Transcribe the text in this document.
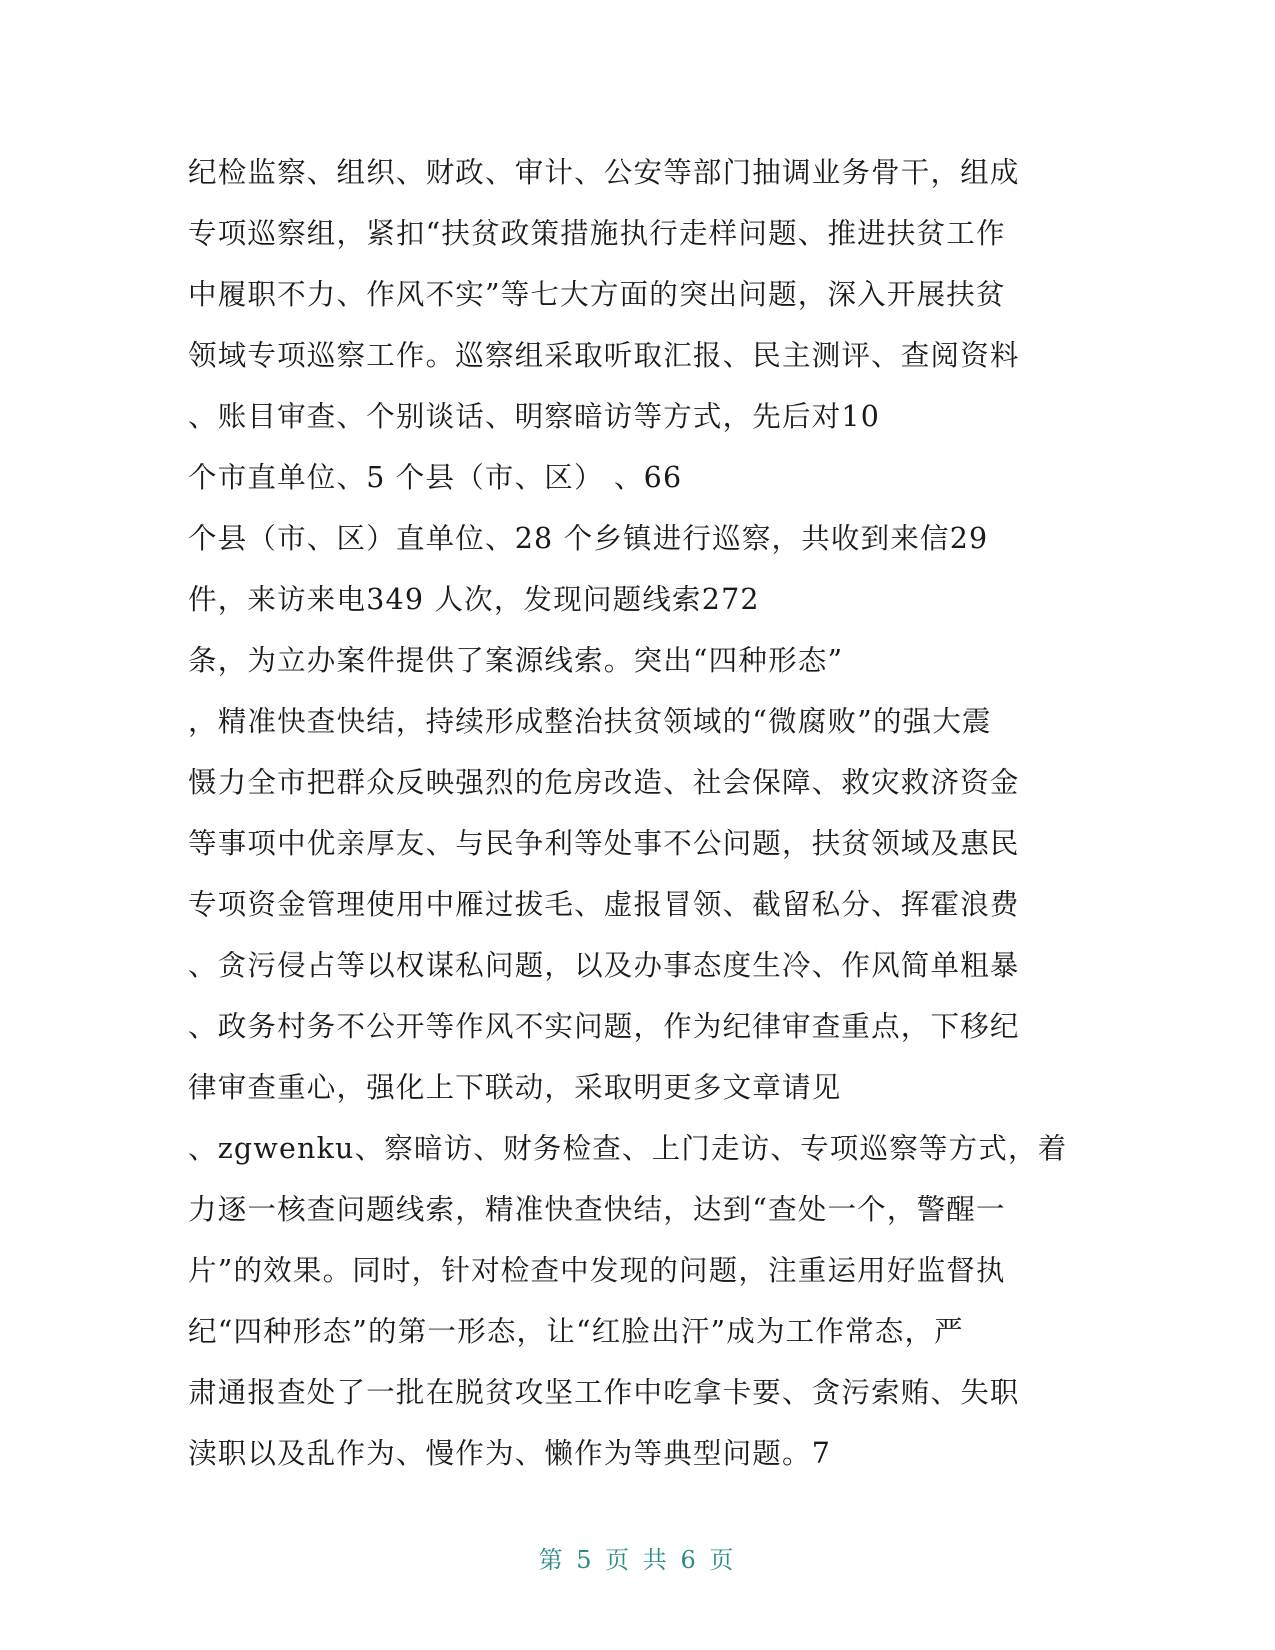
纪检监察、组织、财政、审计、公安等部门抽调业务骨干，组成
专项巡察组，紧扣“扶贫政策措施执行走样问题、推进扶贫工作
中履职不力、作风不实”等七大方面的突出问题，深入开展扶贫
领域专项巡察工作。巡察组采取听取汇报、民主测评、查阅资料
、账目审查、个别谈话、明察暗访等方式，先后对10
个市直单位、5 个县（市、区） 、66
个县（市、区）直单位、28 个乡镇进行巡察，共收到来信29
件，来访来电349 人次，发现问题线索272
条，为立办案件提供了案源线索。突出“四种形态”
，精准快查快结，持续形成整治扶贫领域的“微腐败”的强大震
慑力全市把群众反映强烈的危房改造、社会保障、救灾救济资金
等事项中优亲厚友、与民争利等处事不公问题，扶贫领域及惠民
专项资金管理使用中雁过拔毛、虚报冒领、截留私分、挥霍浪费
、贪污侵占等以权谋私问题，以及办事态度生冷、作风简单粗暴
、政务村务不公开等作风不实问题，作为纪律审查重点，下移纪
律审查重心，强化上下联动，采取明更多文章请见
、zgwenku、察暗访、财务检查、上门走访、专项巡察等方式，着
力逐一核查问题线索，精准快查快结，达到“查处一个，警醒一
片”的效果。同时，针对检查中发现的问题，注重运用好监督执
纪“四种形态”的第一形态，让“红脸出汗”成为工作常态，严
肃通报查处了一批在脱贫攻坚工作中吃拿卡要、贪污索贿、失职
渎职以及乱作为、慢作为、懒作为等典型问题。7
第 5 页 共 6 页
